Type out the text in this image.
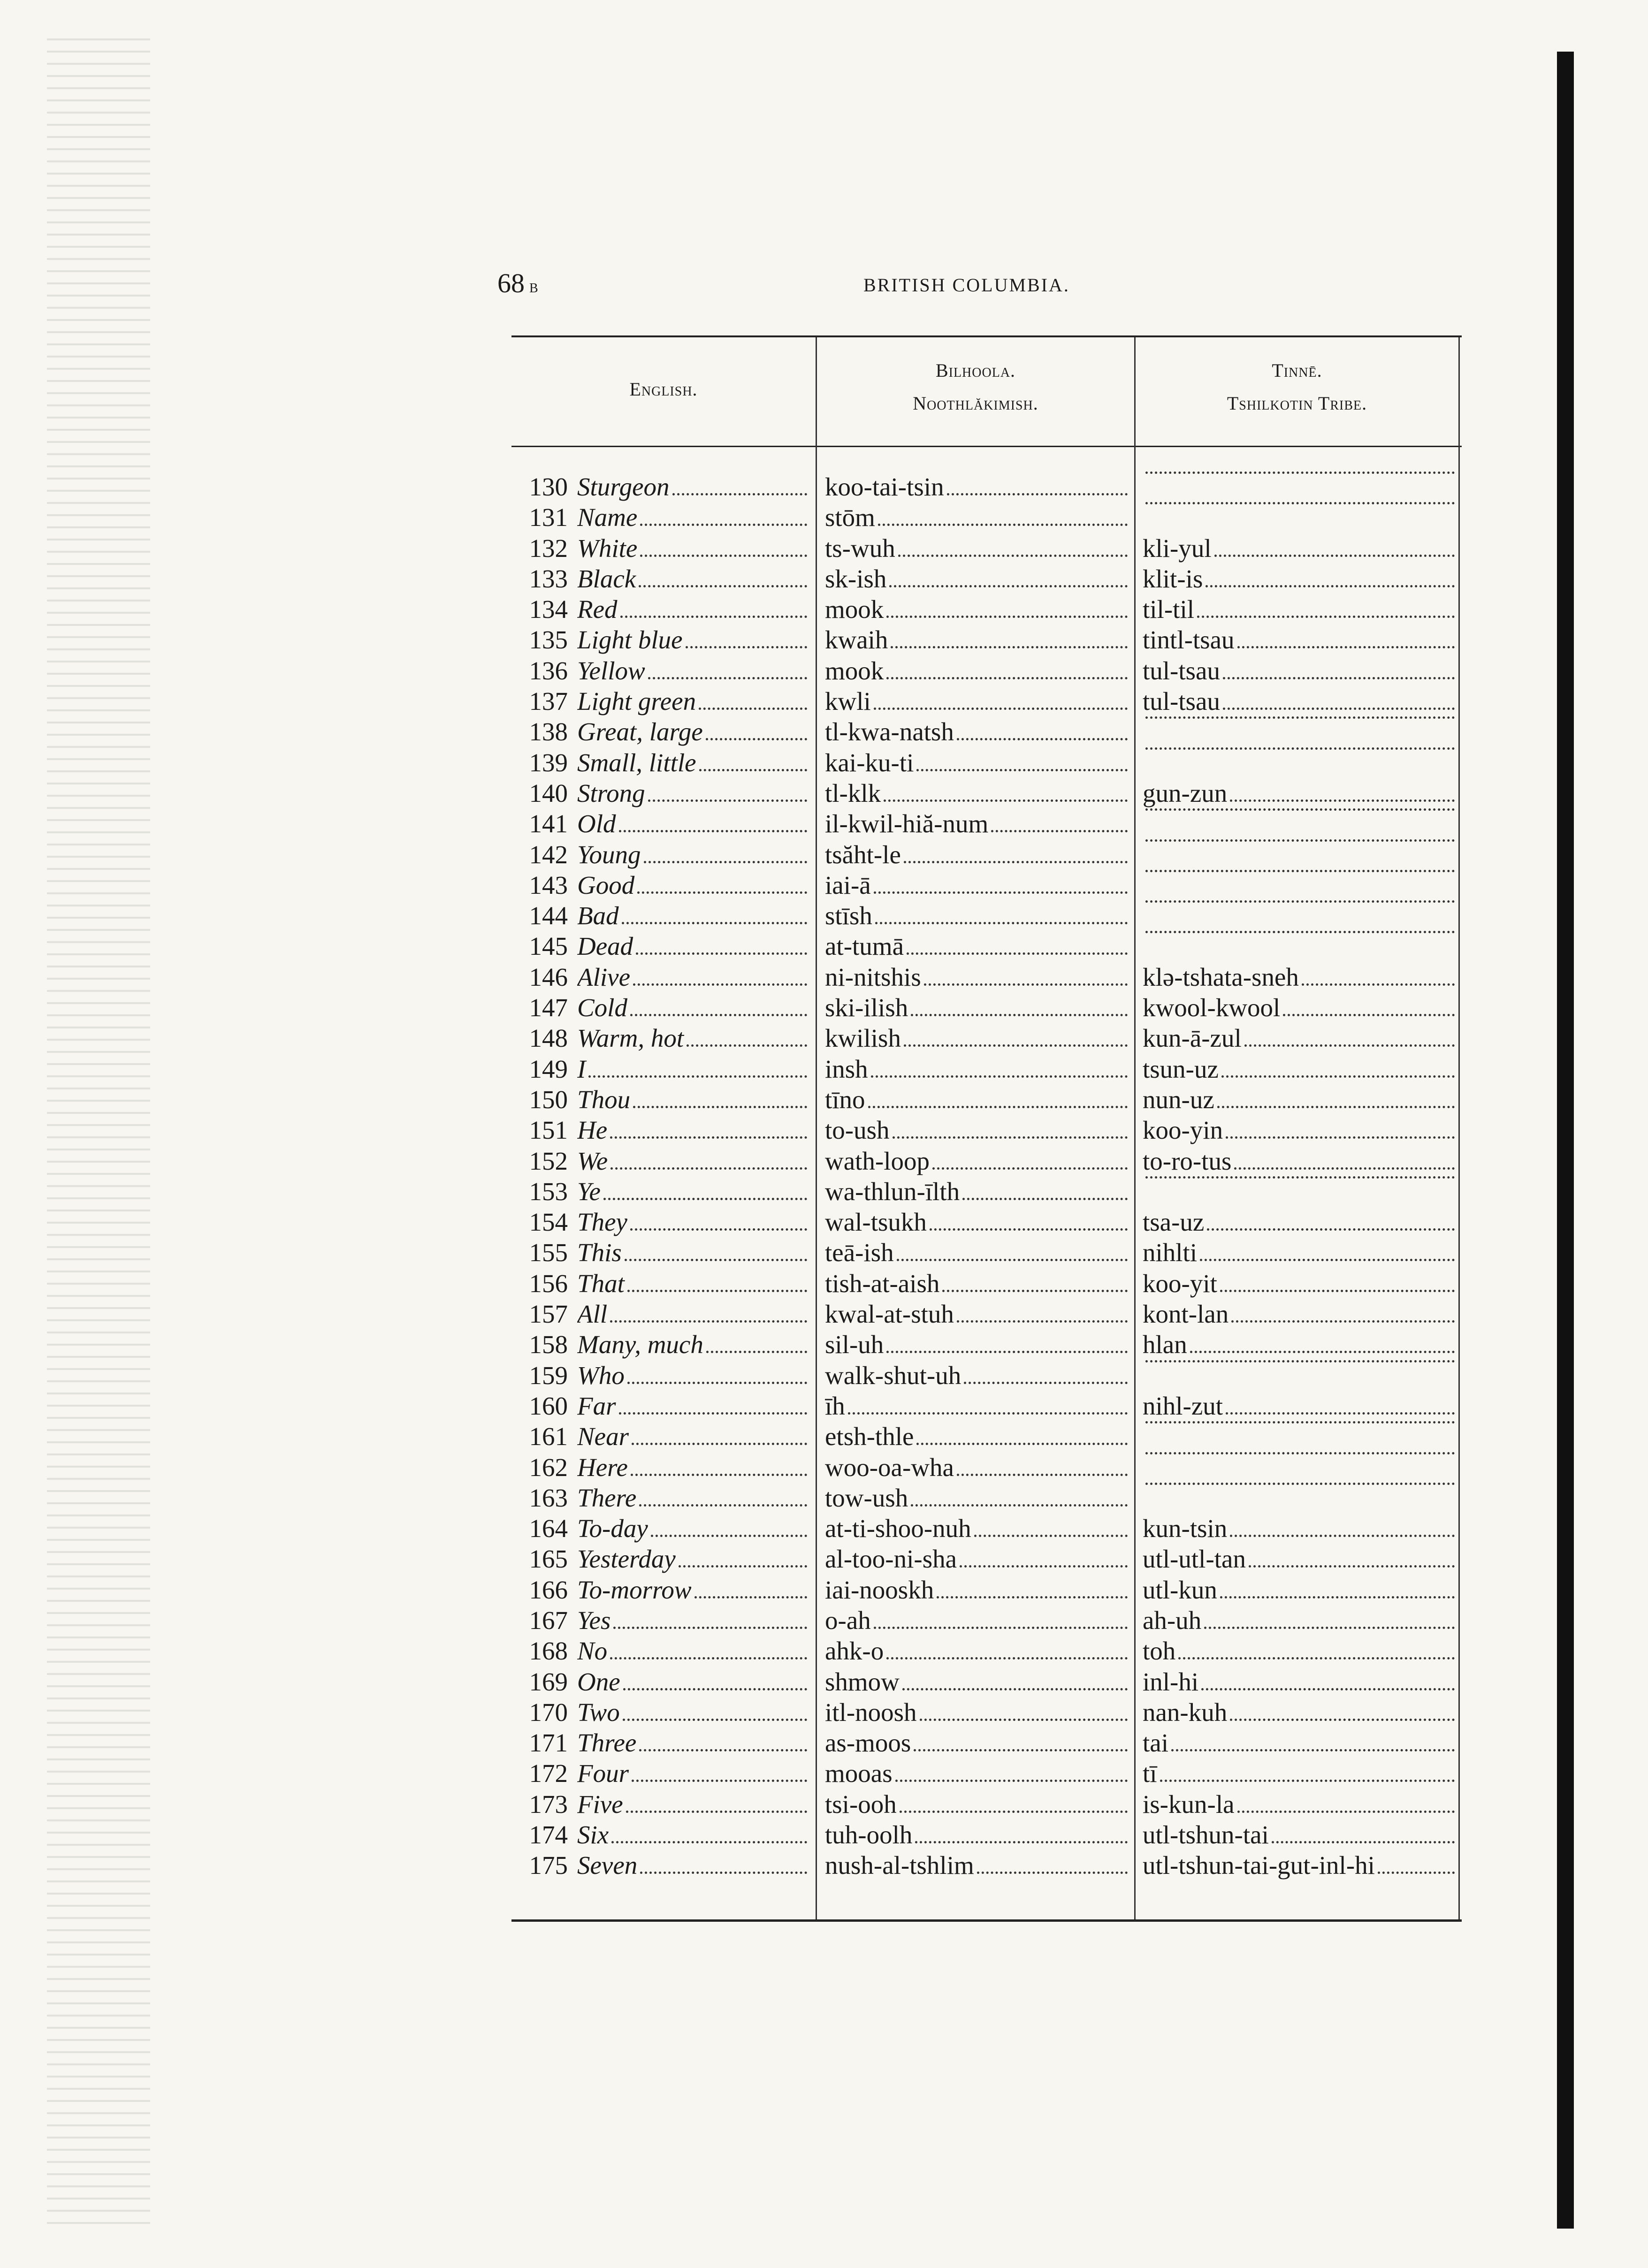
68 b	BRITISH COLUMBIA.
English.
Bilhoola.
Noothlăkimish.
Tinnē.
Tshilkotin Tribe.
130 Sturgeon	koo-tai-tsin
131 Name	stōm
132 White	ts-wuh	kli-yul
133 Black	sk-ish	klit-is
134 Red	mook	til-til
135 Light blue	kwaih	tintl-tsau
136 Yellow	mook	tul-tsau
137 Light green	kwli	tul-tsau
138 Great, large	tl-kwa-natsh
139 Small, little	kai-ku-ti
140 Strong	tl-klk	gun-zun
141 Old	il-kwil-hiă-num
142 Young	tsăht-le
143 Good	iai-ā
144 Bad	stīsh
145 Dead	at-tumā
146 Alive	ni-nitshis	klə-tshata-sneh
147 Cold	ski-ilish	kwool-kwool
148 Warm, hot	kwilish	kun-ā-zul
149 I	insh	tsun-uz
150 Thou	tīno	nun-uz
151 He	to-ush	koo-yin
152 We	wath-loop	to-ro-tus
153 Ye	wa-thlun-īlth
154 They	wal-tsukh	tsa-uz
155 This	teā-ish	nihlti
156 That	tish-at-aish	koo-yit
157 All	kwal-at-stuh	kont-lan
158 Many, much	sil-uh	hlan
159 Who	walk-shut-uh
160 Far	īh	nihl-zut
161 Near	etsh-thle
162 Here	woo-oa-wha
163 There	tow-ush
164 To-day	at-ti-shoo-nuh	kun-tsin
165 Yesterday	al-too-ni-sha	utl-utl-tan
166 To-morrow	iai-nooskh	utl-kun
167 Yes	o-ah	ah-uh
168 No	ahk-o	toh
169 One	shmow	inl-hi
170 Two	itl-noosh	nan-kuh
171 Three	as-moos	tai
172 Four	mooas	tī
173 Five	tsi-ooh	is-kun-la
174 Six	tuh-oolh	utl-tshun-tai
175 Seven	nush-al-tshlim	utl-tshun-tai-gut-inl-hi
